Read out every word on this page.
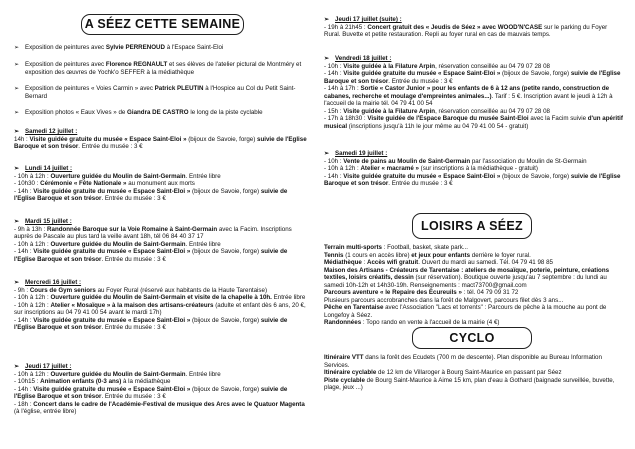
A SÉEZ CETTE SEMAINE
➢ Exposition de peintures avec Sylvie PERRENOUD à l'Espace Saint-Eloi
➢ Exposition de peintures avec Florence REGNAULT et ses élèves de l'atelier pictural de Montméry et exposition des œuvres de Yochk'o SEFFER à la médiathèque
➢ Exposition de peintures « Voies Carmin » avec Patrick PLEUTIN à l'Hospice au Col du Petit Saint-Bernard
➢ Exposition photos « Eaux Vives » de Giandra DE CASTRO le long de la piste cyclable
➢ Samedi 12 juillet :
14h : Visite guidée gratuite du musée « Espace Saint-Eloi » (bijoux de Savoie, forge) suivie de l'Eglise Baroque et son trésor. Entrée du musée : 3 €
➢ Lundi 14 juillet :
- 10h à 12h : Ouverture guidée du Moulin de Saint-Germain. Entrée libre
- 10h30 : Cérémonie « Fête Nationale » au monument aux morts
- 14h : Visite guidée gratuite du musée « Espace Saint-Eloi » (bijoux de Savoie, forge) suivie de l'Eglise Baroque et son trésor. Entrée du musée : 3 €
➢ Mardi 15 juillet :
- 9h à 13h : Randonnée Baroque sur la Voie Romaine à Saint-Germain avec la Facim. Inscriptions auprès de Pascale au plus tard la veille avant 18h, tél 06 84 40 37 17
- 10h à 12h : Ouverture guidée du Moulin de Saint-Germain. Entrée libre
- 14h : Visite guidée gratuite du musée « Espace Saint-Eloi » (bijoux de Savoie, forge) suivie de l'Eglise Baroque et son trésor. Entrée du musée : 3 €
➢ Mercredi 16 juillet :
- 9h : Cours de Gym seniors au Foyer Rural (réservé aux habitants de la Haute Tarentaise)
- 10h à 12h : Ouverture guidée du Moulin de Saint-Germain et visite de la chapelle à 10h. Entrée libre
- 10h à 12h : Atelier « Mosaïque » à la maison des artisans-créateurs (adulte et enfant dès 6 ans, 20 €, sur inscriptions au 04 79 41 00 54 avant le mardi 17h)
- 14h : Visite guidée gratuite du musée « Espace Saint-Eloi » (bijoux de Savoie, forge) suivie de l'Eglise Baroque et son trésor. Entrée du musée : 3 €
➢ Jeudi 17 juillet :
- 10h à 12h : Ouverture guidée du Moulin de Saint-Germain. Entrée libre
- 10h15 : Animation enfants (0-3 ans) à la médiathèque
- 14h : Visite guidée gratuite du musée « Espace Saint-Eloi » (bijoux de Savoie, forge) suivie de l'Eglise Baroque et son trésor. Entrée du musée : 3 €
- 18h : Concert dans le cadre de l'Académie-Festival de musique des Arcs avec le Quatuor Magenta (à l'église, entrée libre)
➢ Jeudi 17 juillet (suite) :
- 19h à 21h45 : Concert gratuit des « Jeudis de Séez » avec WOOD'N'CASE sur le parking du Foyer Rural. Buvette et petite restauration. Repli au foyer rural en cas de mauvais temps.
➢ Vendredi 18 juillet :
- 10h : Visite guidée à la Filature Arpin, réservation conseillée au 04 79 07 28 08
- 14h : Visite guidée gratuite du musée « Espace Saint-Eloi » (bijoux de Savoie, forge) suivie de l'Eglise Baroque et son trésor. Entrée du musée : 3 €
- 14h à 17h : Sortie « Castor Junior » pour les enfants de 6 à 12 ans (petite rando, construction de cabanes, recherche et moulage d'empreintes animales...). Tarif : 5 €. Inscription avant le jeudi à 12h à l'accueil de la mairie tél. 04 79 41 00 54
- 15h : Visite guidée à la Filature Arpin, réservation conseillée au 04 79 07 28 08
- 17h à 18h30 : Visite guidée de l'Espace Baroque du musée Saint-Eloi avec la Facim suivie d'un apéritif musical (inscriptions jusqu'à 11h le jour même au 04 79 41 00 54 - gratuit)
➢ Samedi 19 juillet :
- 10h : Vente de pains au Moulin de Saint-Germain par l'association du Moulin de St-Germain
- 10h à 12h : Atelier « macramé » (sur inscriptions à la médiathèque - gratuit)
- 14h : Visite guidée gratuite du musée « Espace Saint-Eloi » (bijoux de Savoie, forge) suivie de l'Eglise Baroque et son trésor. Entrée du musée : 3 €
LOISIRS A SÉEZ
Terrain multi-sports : Football, basket, skate park...
Tennis (1 cours en accès libre) et jeux pour enfants derrière le foyer rural.
Médiathèque : Accès wifi gratuit. Ouvert du mardi au samedi. Tél. 04 79 41 98 85
Maison des Artisans - Créateurs de Tarentaise : ateliers de mosaïque, poterie, peinture, créations textiles, loisirs créatifs, dessin (sur réservation). Boutique ouverte jusqu'au 7 septembre : du lundi au samedi 10h-12h et 14h30-19h. Renseignements : mact73700@gmail.com
Parcours aventure « le Repaire des Ecureuils » : tél. 04 79 09 31 72
Plusieurs parcours accrobranches dans la forêt de Malgovert, parcours filet dès 3 ans...
Pêche en Tarentaise avec l'Association "Lacs et torrents" : Parcours de pêche à la mouche au pont de Longefoy à Séez.
Randonnées : Topo rando en vente à l'accueil de la mairie (4 €)
CYCLO
Itinéraire VTT dans la forêt des Ecudets (700 m de descente). Plan disponible au Bureau Information Services.
Itinéraire cyclable de 12 km de Villaroger à Bourg Saint-Maurice en passant par Séez
Piste cyclable de Bourg Saint-Maurice à Aime 15 km, plan d'eau à Gothard (baignade surveillée, buvette, plage, jeux ...)
